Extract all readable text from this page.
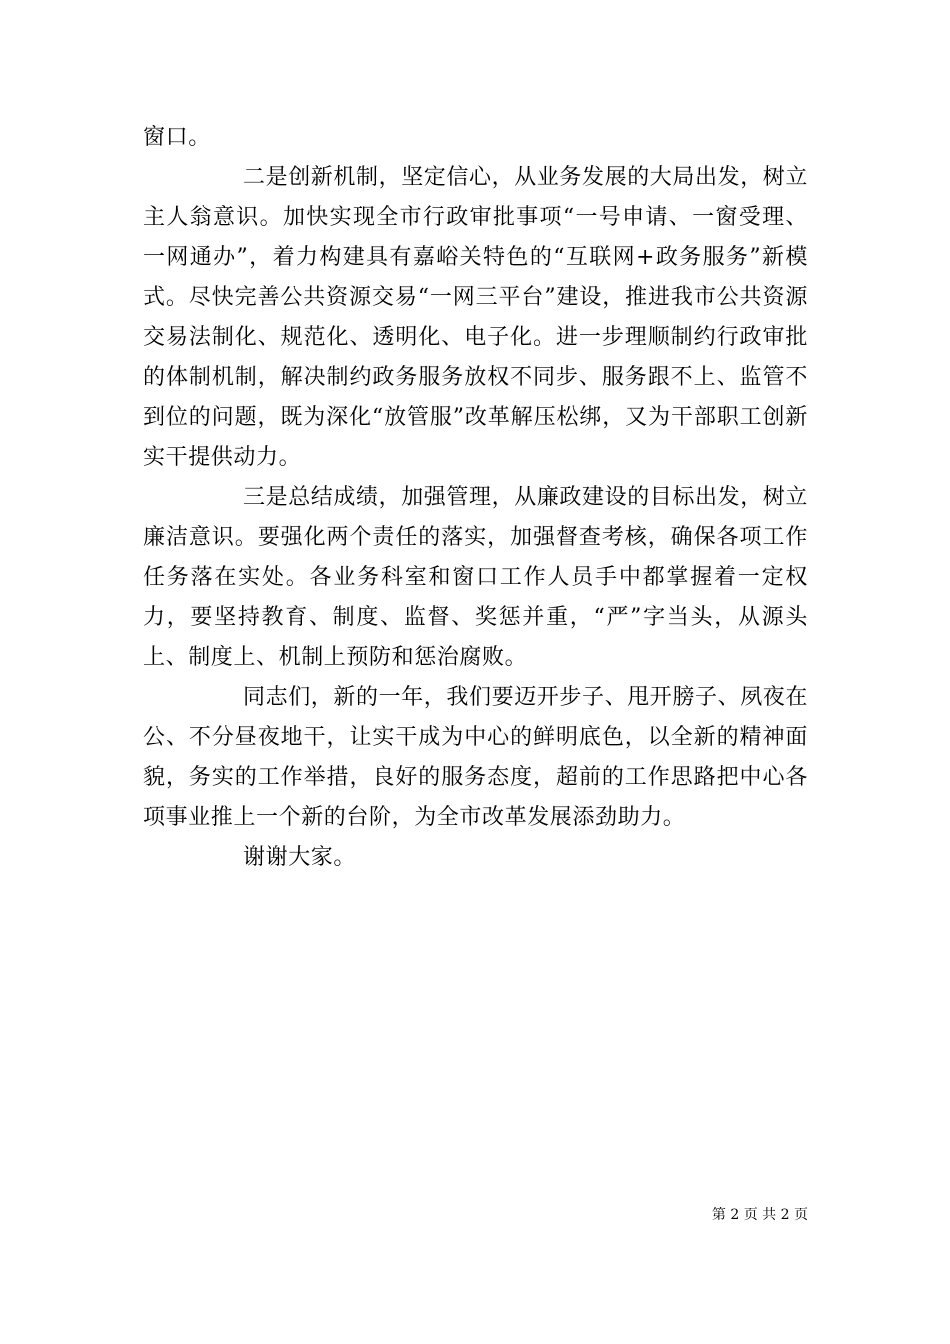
窗口。

二是创新机制，坚定信心，从业务发展的大局出发，树立主人翁意识。加快实现全市行政审批事项“一号申请、一窗受理、一网通办”，着力构建具有嘉峪关特色的“互联网+政务服务”新模式。尽快完善公共资源交易“一网三平台”建设，推进我市公共资源交易法制化、规范化、透明化、电子化。进一步理顺制约行政审批的体制机制，解决制约政务服务放权不同步、服务跟不上、监管不到位的问题，既为深化“放管服”改革解压松绑，又为干部职工创新实干提供动力。

三是总结成绩，加强管理，从廉政建设的目标出发，树立廉洁意识。要强化两个责任的落实，加强督查考核，确保各项工作任务落在实处。各业务科室和窗口工作人员手中都掌握着一定权力，要坚持教育、制度、监督、奖惩并重，“严”字当头，从源头上、制度上、机制上预防和惩治腐败。

同志们，新的一年，我们要迈开步子、甩开膀子、夙夜在公、不分昼夜地干，让实干成为中心的鲜明底色，以全新的精神面貌，务实的工作举措，良好的服务态度，超前的工作思路把中心各项事业推上一个新的台阶，为全市改革发展添劲助力。

谢谢大家。

第 2 页 共 2 页
